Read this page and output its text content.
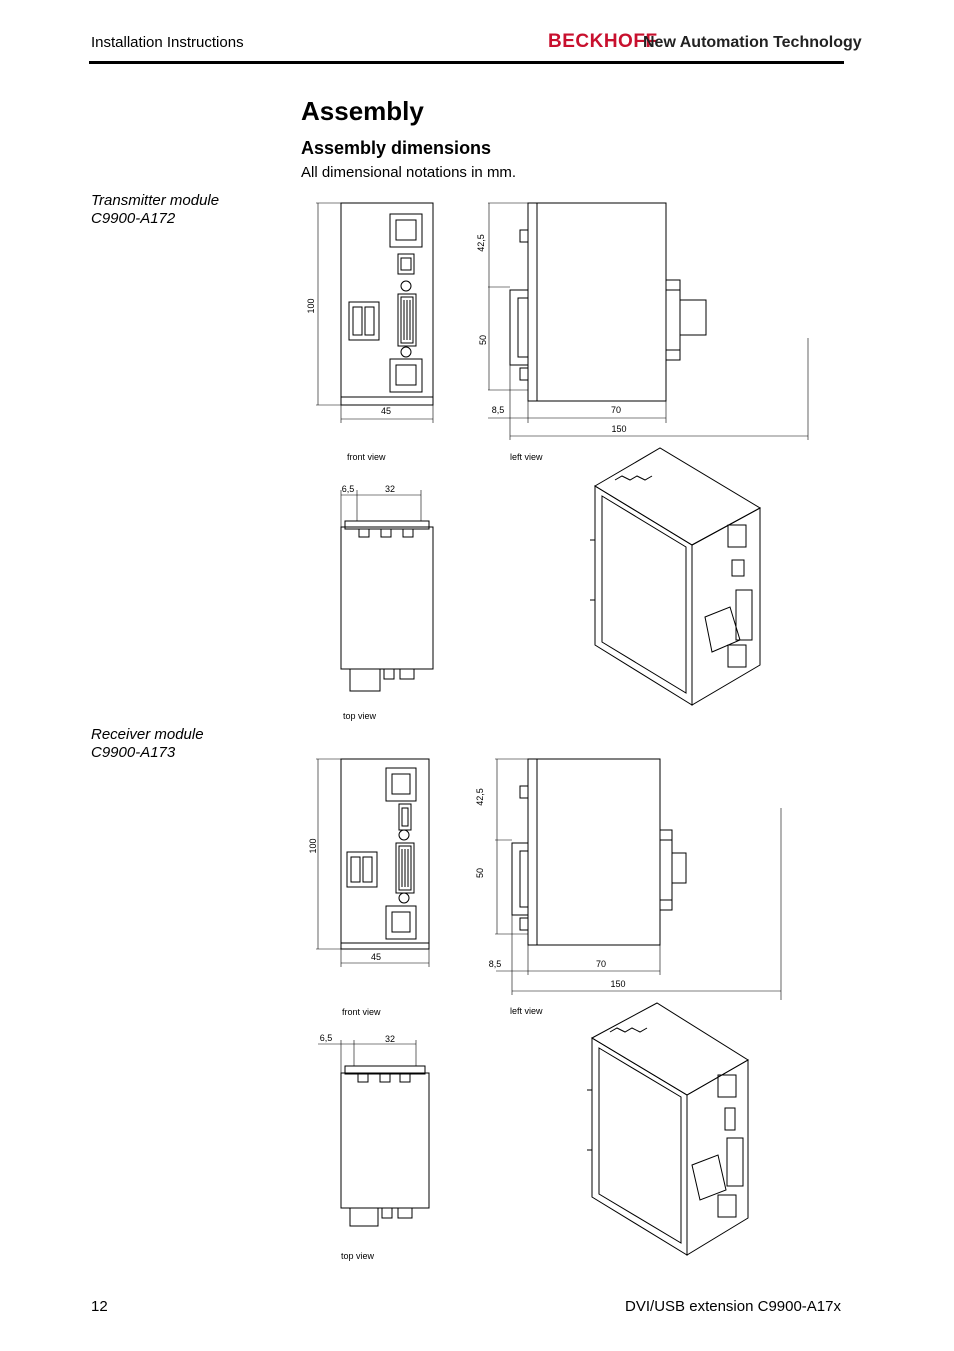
Installation Instructions	BECKHOFF
New Automation Technology
Assembly
Assembly dimensions
All dimensional notations in mm.
Transmitter module
C9900-A172
Receiver module
C9900-A173
100
45
42,5
50
8,5	70
150
6,5	32
front view	left view
top view
100
45
42,5
50
8,5	70
150
6,5	32
front view	left view
top view
12	DVI/USB extension C9900-A17x
